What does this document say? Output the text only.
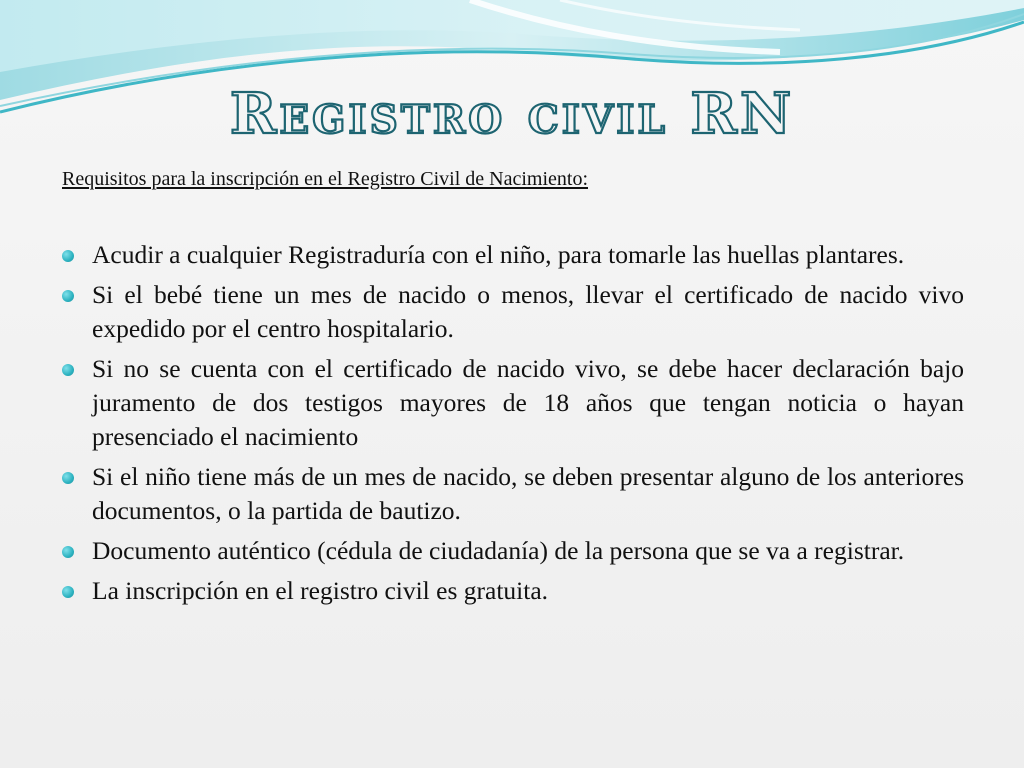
Registro civil RN

Requisitos para la inscripción en el Registro Civil de Nacimiento:

Acudir a cualquier Registraduría con el niño, para tomarle las huellas plantares.
Si el bebé tiene un mes de nacido o menos, llevar el certificado de nacido vivo expedido por el centro hospitalario.
Si no se cuenta con el certificado de nacido vivo, se debe hacer declaración bajo juramento de dos testigos mayores de 18 años que tengan noticia o hayan presenciado el nacimiento
Si el niño tiene más de un mes de nacido, se deben presentar alguno de los anteriores documentos, o la partida de bautizo.
Documento auténtico (cédula de ciudadanía) de la persona que se va a registrar.
La inscripción en el registro civil es gratuita.
